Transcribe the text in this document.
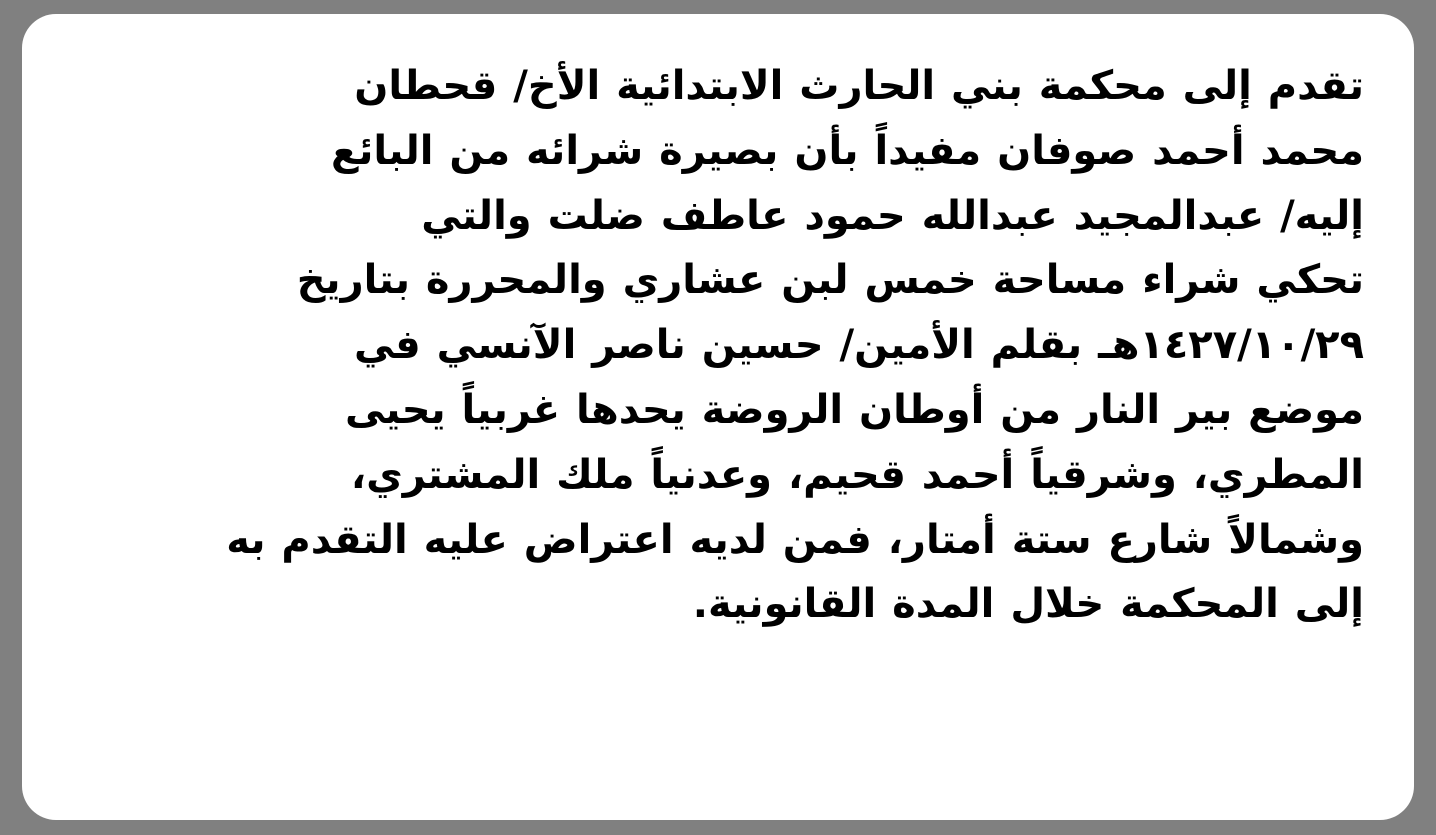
تقدم إلى محكمة بني الحارث الابتدائية الأخ/ قحطان

محمد أحمد صوفان مفيداً بأن بصيرة شرائه من البائع

إليه/ عبدالمجيد عبدالله حمود عاطف ضلت والتي

تحكي شراء مساحة خمس لبن عشاري والمحررة بتاريخ

١٤٢٧/١٠/٢٩هـ بقلم الأمين/ حسين ناصر الآنسي في

موضع بير النار من أوطان الروضة يحدها غربياً يحيى

المطري، وشرقياً أحمد قحيم، وعدنياً ملك المشتري،

وشمالاً شارع ستة أمتار، فمن لديه اعتراض عليه التقدم به

إلى المحكمة خلال المدة القانونية.
